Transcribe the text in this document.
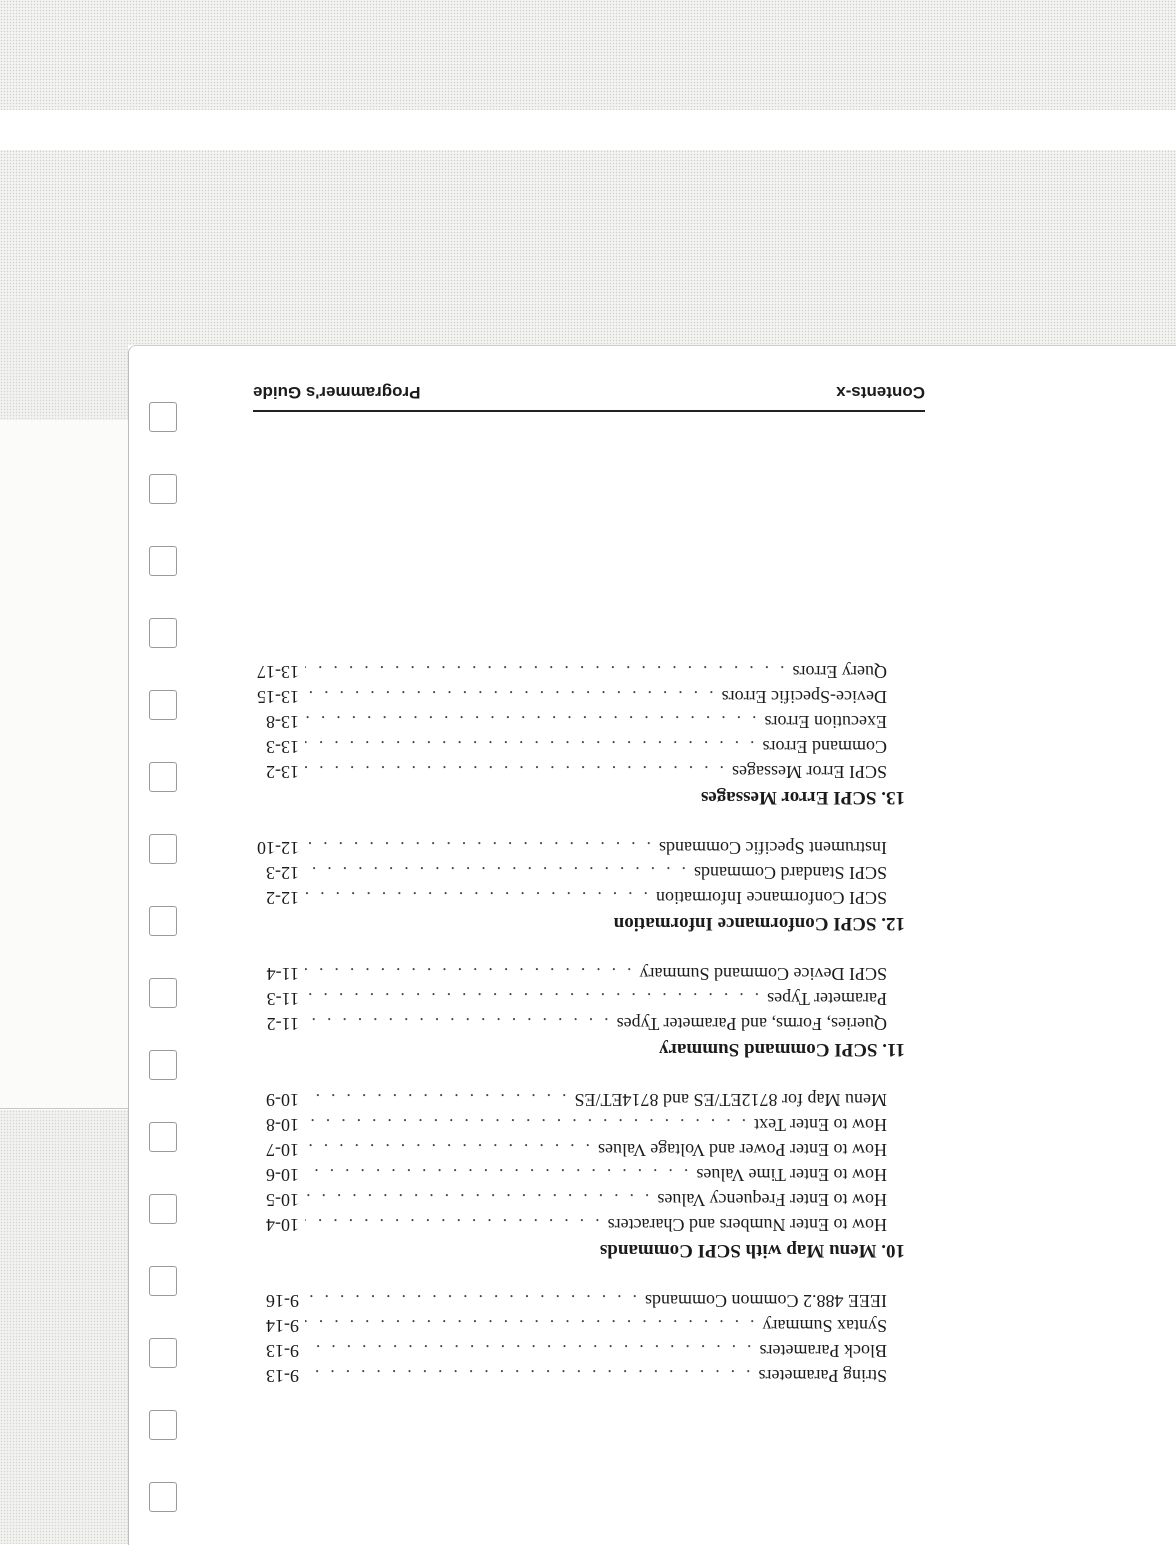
String Parameters
. . .
9-13
Block Parameters
. . .
9-13
Syntax Summary
. . .
9-14
IEEE 488.2 Common Commands
. . .
9-16
10. Menu Map with SCPI Commands
How to Enter Numbers and Characters
. . .
10-4
How to Enter Frequency Values
. . .
10-5
How to Enter Time Values
. . .
10-6
How to Enter Power and Voltage Values
. . .
10-7
How to Enter Text
. . .
10-8
Menu Map for 8712ET/ES and 8714ET/ES
. . .
10-9
11. SCPI Command Summary
Queries, Forms, and Parameter Types
. . .
11-2
Parameter Types
. . .
11-3
SCPI Device Command Summary
. . .
11-4
12. SCPI Conformance Information
SCPI Conformance Information
. . .
12-2
SCPI Standard Commands
. . .
12-3
Instrument Specific Commands
. . .
12-10
13. SCPI Error Messages
SCPI Error Messages
. . .
13-2
Command Errors
. . .
13-3
Execution Errors
. . .
13-8
Device-Specific Errors
. . .
13-15
Query Errors
. . .
13-17
Contents-x
Programmer's Guide
